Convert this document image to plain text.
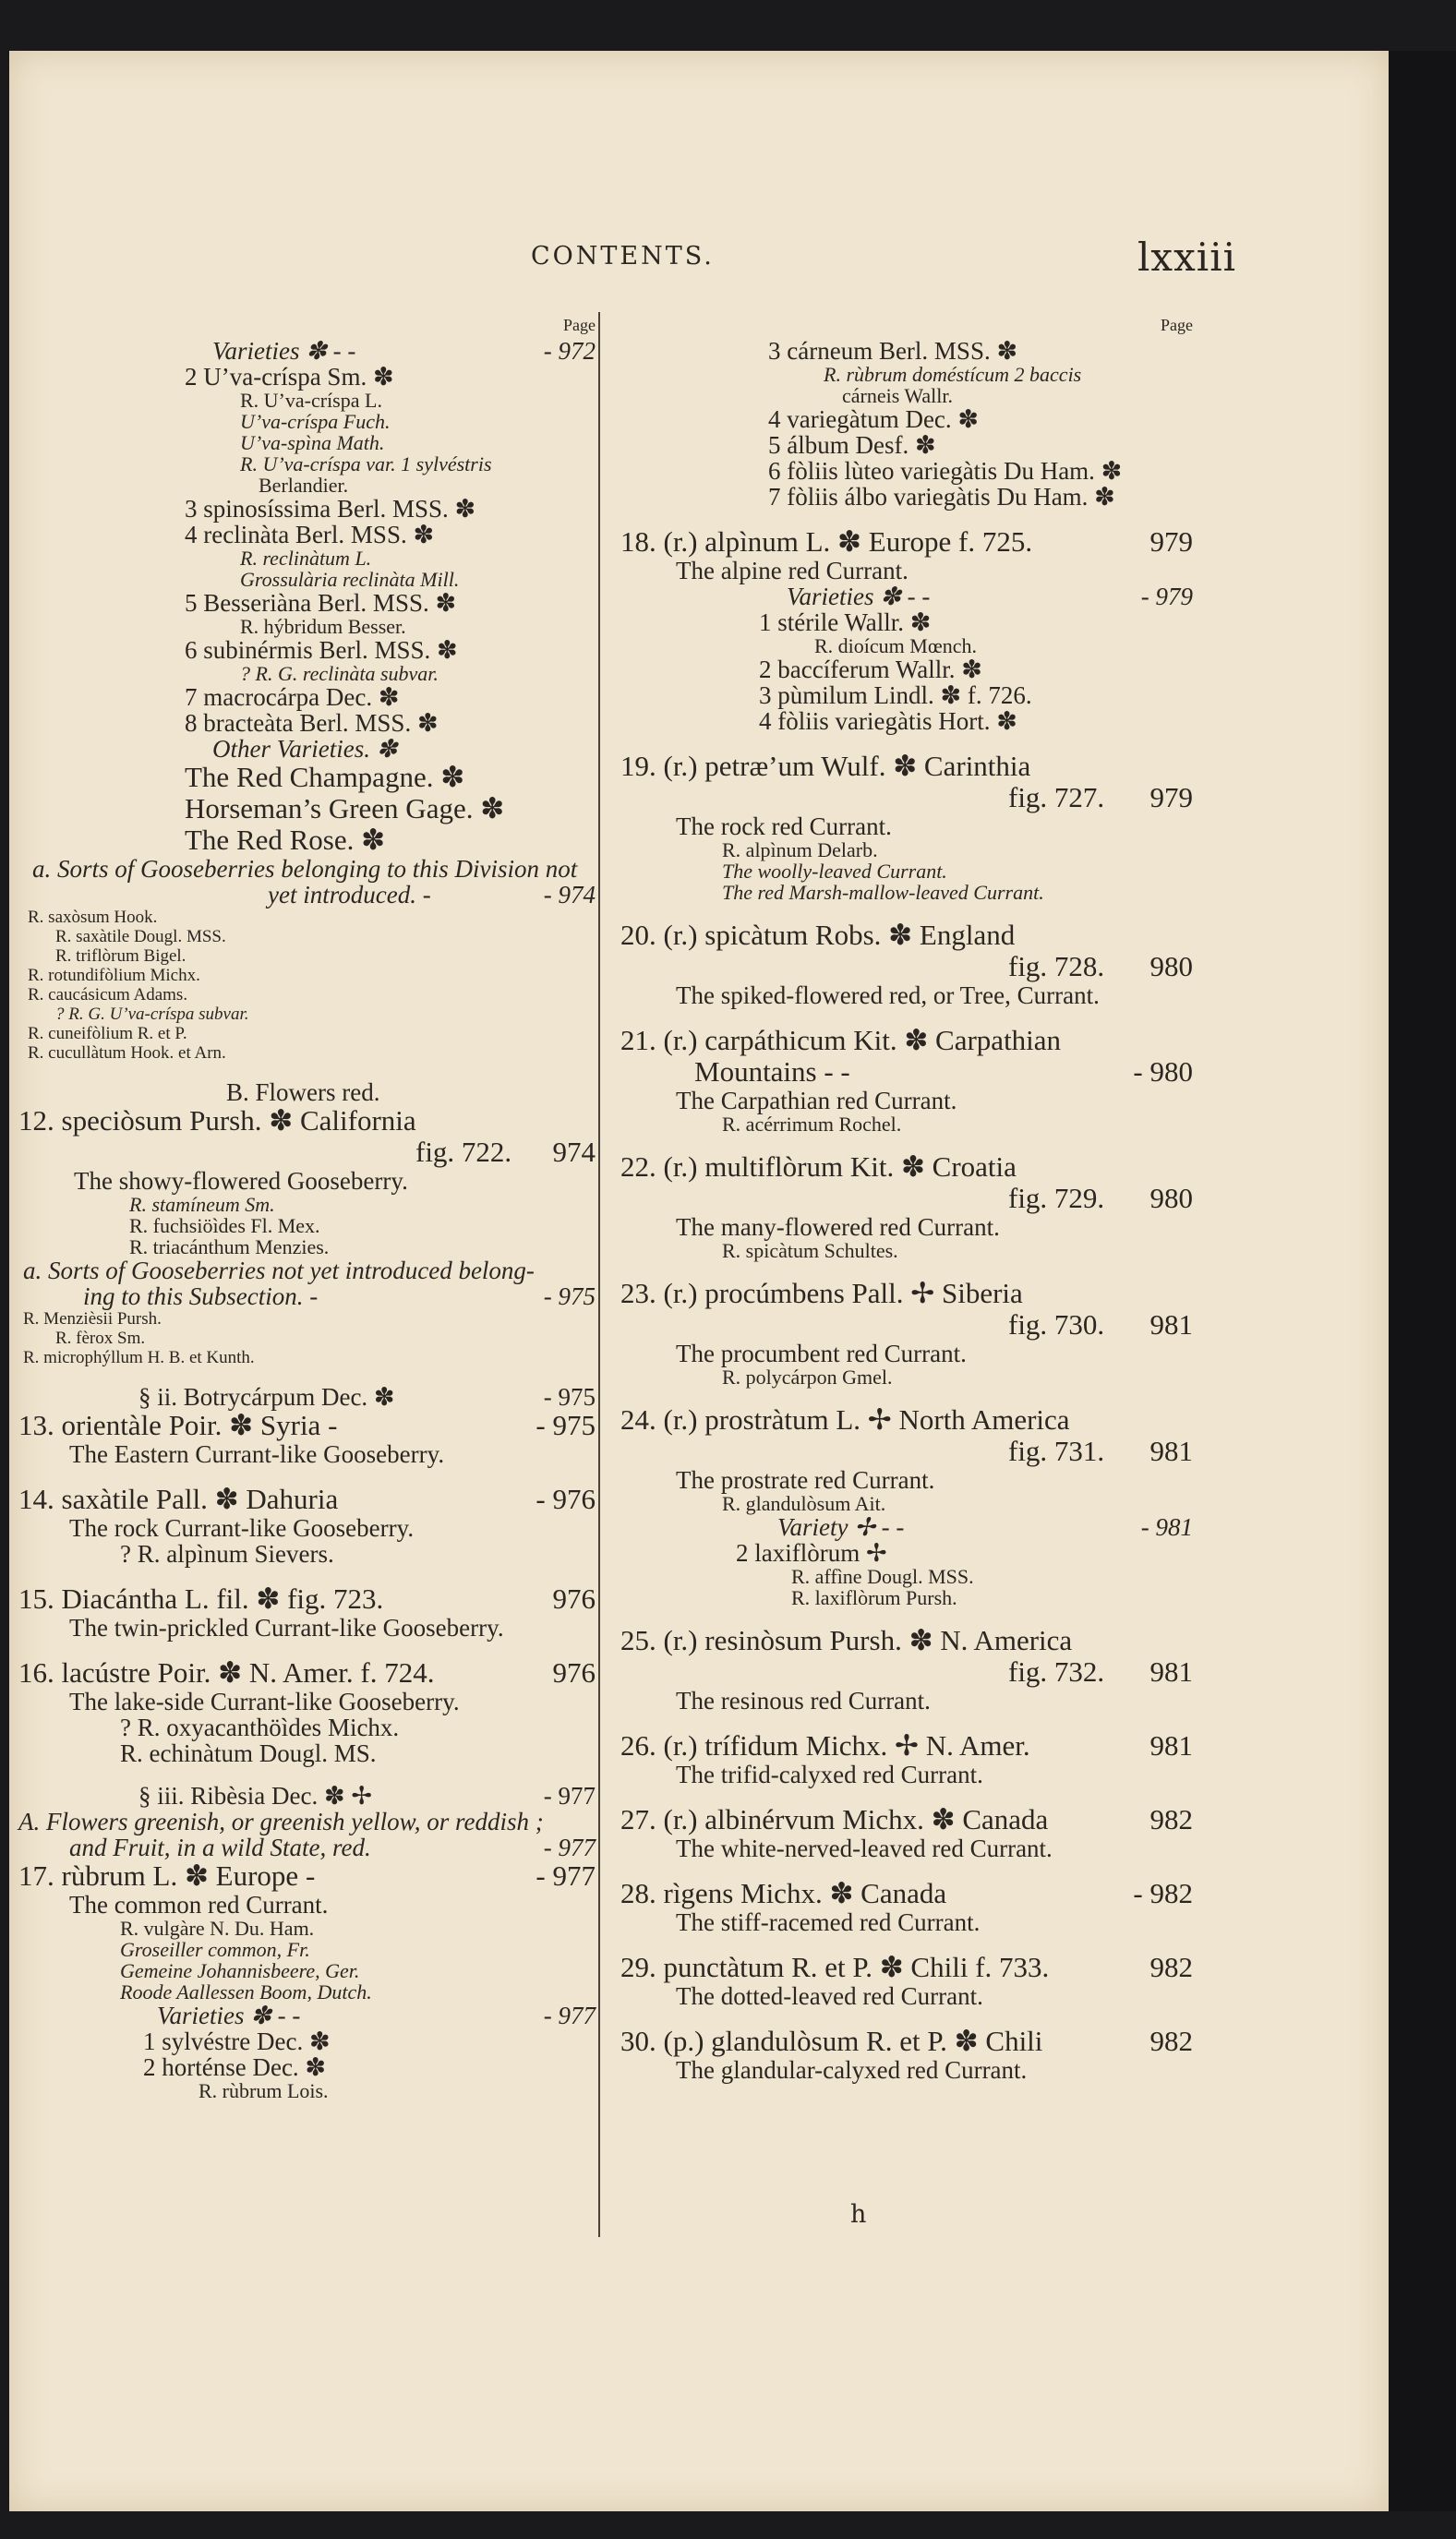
CONTENTS.	lxxiii
Page
Varieties ✽ - -	- 972
2 U’va-críspa Sm. ✽
R. U’va-críspa L.
U’va-críspa Fuch.
U’va-spìna Math.
R. U’va-críspa var. 1 sylvéstris
Berlandier.
3 spinosíssima Berl. MSS. ✽
4 reclinàta Berl. MSS. ✽
R. reclinàtum L.
Grossulària reclinàta Mill.
5 Besseriàna Berl. MSS. ✽
R. hýbridum Besser.
6 subinérmis Berl. MSS. ✽
? R. G. reclinàta subvar.
7 macrocárpa Dec. ✽
8 bracteàta Berl. MSS. ✽
Other Varieties. ✽
The Red Champagne. ✽
Horseman’s Green Gage. ✽
The Red Rose. ✽
a. Sorts of Gooseberries belonging to this Division not
yet introduced. -	- 974
R. saxòsum Hook.
R. saxàtile Dougl. MSS.
R. triflòrum Bigel.
R. rotundifòlium Michx.
R. caucásicum Adams.
? R. G. U’va-críspa subvar.
R. cuneifòlium R. et P.
R. cucullàtum Hook. et Arn.
B. Flowers red.
12. speciòsum Pursh. ✽ California
fig. 722. 974
The showy-flowered Gooseberry.
R. stamíneum Sm.
R. fuchsiöìdes Fl. Mex.
R. triacánthum Menzies.
a. Sorts of Gooseberries not yet introduced belong-
ing to this Subsection. -	- 975
R. Menzièsii Pursh.
R. fèrox Sm.
R. microphýllum H. B. et Kunth.
§ ii. Botrycárpum Dec. ✽	- 975
13. orientàle Poir. ✽ Syria -	- 975
The Eastern Currant-like Gooseberry.
14. saxàtile Pall. ✽ Dahuria	- 976
The rock Currant-like Gooseberry.
? R. alpìnum Sievers.
15. Diacántha L. fil. ✽ fig. 723.	976
The twin-prickled Currant-like Gooseberry.
16. lacústre Poir. ✽ N. Amer. f. 724.	976
The lake-side Currant-like Gooseberry.
? R. oxyacanthöìdes Michx.
R. echinàtum Dougl. MS.
§ iii. Ribèsia Dec. ✽ ✢	- 977
A. Flowers greenish, or greenish yellow, or reddish ;
and Fruit, in a wild State, red.	- 977
17. rùbrum L. ✽ Europe -	- 977
The common red Currant.
R. vulgàre N. Du. Ham.
Groseiller common, Fr.
Gemeine Johannisbeere, Ger.
Roode Aallessen Boom, Dutch.
Varieties ✽ - -	- 977
1 sylvéstre Dec. ✽
2 horténse Dec. ✽
R. rùbrum Lois.
Page
3 cárneum Berl. MSS. ✽
R. rùbrum doméstícum 2 baccis
cárneis Wallr.
4 variegàtum Dec. ✽
5 álbum Desf. ✽
6 fòliis lùteo variegàtis Du Ham. ✽
7 fòliis álbo variegàtis Du Ham. ✽
18. (r.) alpìnum L. ✽ Europe f. 725.	979
The alpine red Currant.
Varieties ✽ - -	- 979
1 stérile Wallr. ✽
R. dioícum Mœnch.
2 baccíferum Wallr. ✽
3 pùmilum Lindl. ✽ f. 726.
4 fòliis variegàtis Hort. ✽
19. (r.) petræ’um Wulf. ✽ Carinthia
fig. 727. 979
The rock red Currant.
R. alpìnum Delarb.
The woolly-leaved Currant.
The red Marsh-mallow-leaved Currant.
20. (r.) spicàtum Robs. ✽ England
fig. 728. 980
The spiked-flowered red, or Tree, Currant.
21. (r.) carpáthicum Kit. ✽ Carpathian
Mountains - -	- 980
The Carpathian red Currant.
R. acérrimum Rochel.
22. (r.) multiflòrum Kit. ✽ Croatia
fig. 729. 980
The many-flowered red Currant.
R. spicàtum Schultes.
23. (r.) procúmbens Pall. ✢ Siberia
fig. 730. 981
The procumbent red Currant.
R. polycárpon Gmel.
24. (r.) prostràtum L. ✢ North America
fig. 731. 981
The prostrate red Currant.
R. glandulòsum Ait.
Variety ✢ - -	- 981
2 laxiflòrum ✢
R. affìne Dougl. MSS.
R. laxiflòrum Pursh.
25. (r.) resinòsum Pursh. ✽ N. America
fig. 732. 981
The resinous red Currant.
26. (r.) trífidum Michx. ✢ N. Amer.	981
The trifid-calyxed red Currant.
27. (r.) albinérvum Michx. ✽ Canada	982
The white-nerved-leaved red Currant.
28. rìgens Michx. ✽ Canada	- 982
The stiff-racemed red Currant.
29. punctàtum R. et P. ✽ Chili f. 733.	982
The dotted-leaved red Currant.
30. (p.) glandulòsum R. et P. ✽ Chili	982
The glandular-calyxed red Currant.
h
